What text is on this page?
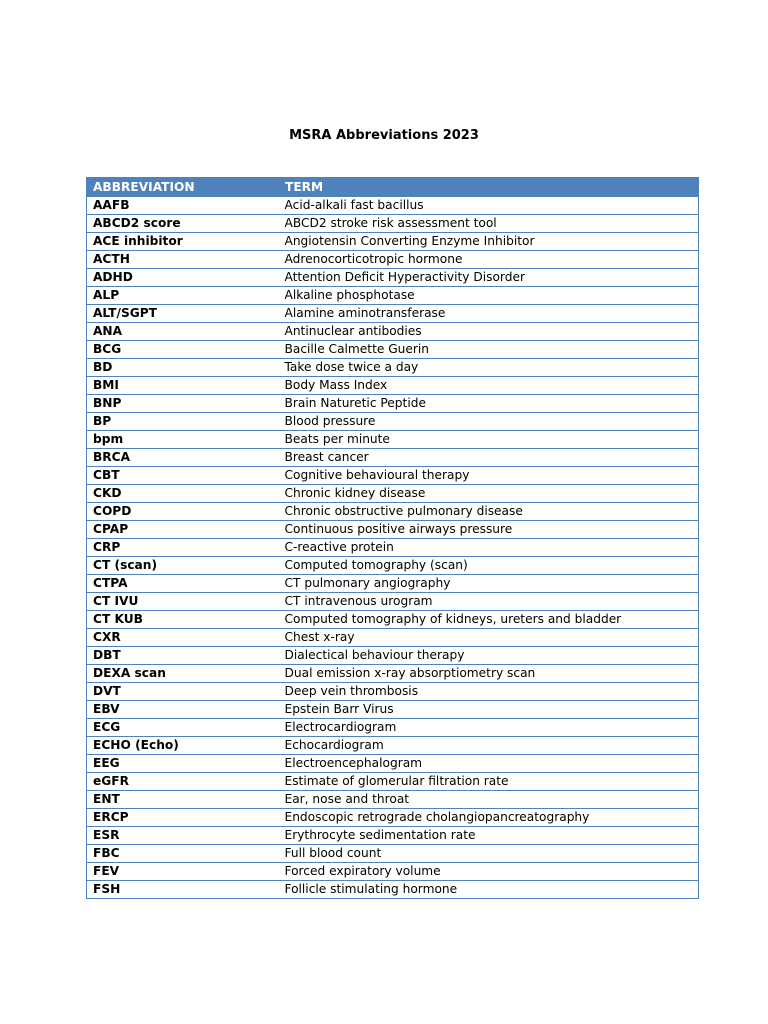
MSRA Abbreviations 2023
ABBREVIATION	TERM
AAFB	Acid-alkali fast bacillus
ABCD2 score	ABCD2 stroke risk assessment tool
ACE inhibitor	Angiotensin Converting Enzyme Inhibitor
ACTH	Adrenocorticotropic hormone
ADHD	Attention Deficit Hyperactivity Disorder
ALP	Alkaline phosphotase
ALT/SGPT	Alamine aminotransferase
ANA	Antinuclear antibodies
BCG	Bacille Calmette Guerin
BD	Take dose twice a day
BMI	Body Mass Index
BNP	Brain Naturetic Peptide
BP	Blood pressure
bpm	Beats per minute
BRCA	Breast cancer
CBT	Cognitive behavioural therapy
CKD	Chronic kidney disease
COPD	Chronic obstructive pulmonary disease
CPAP	Continuous positive airways pressure
CRP	C-reactive protein
CT (scan)	Computed tomography (scan)
CTPA	CT pulmonary angiography
CT IVU	CT intravenous urogram
CT KUB	Computed tomography of kidneys, ureters and bladder
CXR	Chest x-ray
DBT	Dialectical behaviour therapy
DEXA scan	Dual emission x-ray absorptiometry scan
DVT	Deep vein thrombosis
EBV	Epstein Barr Virus
ECG	Electrocardiogram
ECHO (Echo)	Echocardiogram
EEG	Electroencephalogram
eGFR	Estimate of glomerular filtration rate
ENT	Ear, nose and throat
ERCP	Endoscopic retrograde cholangiopancreatography
ESR	Erythrocyte sedimentation rate
FBC	Full blood count
FEV	Forced expiratory volume
FSH	Follicle stimulating hormone
